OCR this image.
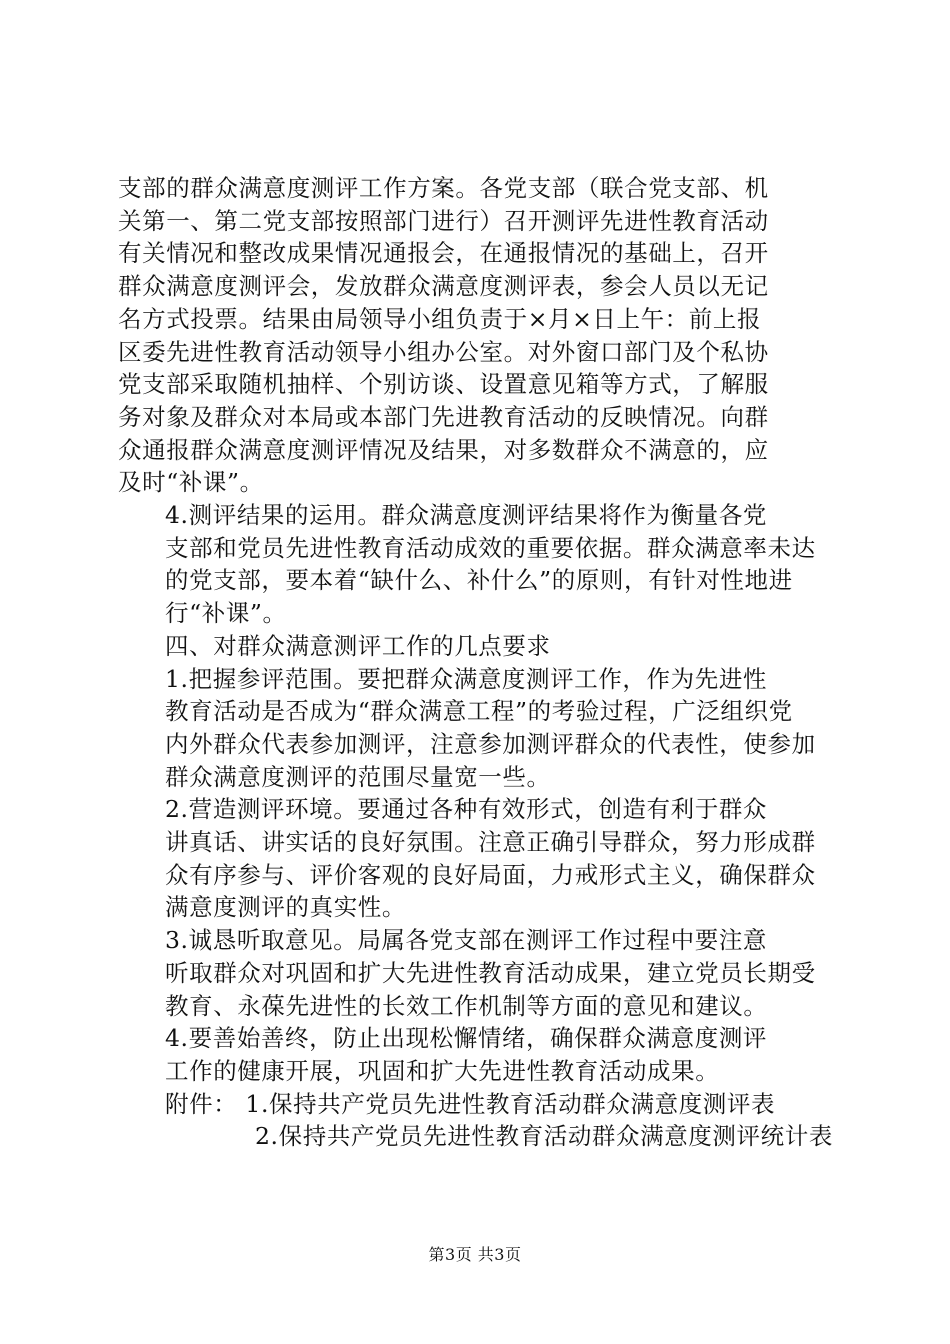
支部的群众满意度测评工作方案。各党支部（联合党支部、机
关第一、第二党支部按照部门进行）召开测评先进性教育活动
有关情况和整改成果情况通报会，在通报情况的基础上，召开
群众满意度测评会，发放群众满意度测评表，参会人员以无记
名方式投票。结果由局领导小组负责于×月×日上午：前上报
区委先进性教育活动领导小组办公室。对外窗口部门及个私协
党支部采取随机抽样、个别访谈、设置意见箱等方式，了解服
务对象及群众对本局或本部门先进教育活动的反映情况。向群
众通报群众满意度测评情况及结果，对多数群众不满意的，应
及时“补课”。

4.测评结果的运用。群众满意度测评结果将作为衡量各党
支部和党员先进性教育活动成效的重要依据。群众满意率未达
的党支部，要本着“缺什么、补什么”的原则，有针对性地进
行“补课”。

四、对群众满意测评工作的几点要求

1.把握参评范围。要把群众满意度测评工作，作为先进性
教育活动是否成为“群众满意工程”的考验过程，广泛组织党
内外群众代表参加测评，注意参加测评群众的代表性，使参加
群众满意度测评的范围尽量宽一些。

2.营造测评环境。要通过各种有效形式，创造有利于群众
讲真话、讲实话的良好氛围。注意正确引导群众，努力形成群
众有序参与、评价客观的良好局面，力戒形式主义，确保群众
满意度测评的真实性。

3.诚恳听取意见。局属各党支部在测评工作过程中要注意
听取群众对巩固和扩大先进性教育活动成果，建立党员长期受
教育、永葆先进性的长效工作机制等方面的意见和建议。

4.要善始善终，防止出现松懈情绪，确保群众满意度测评
工作的健康开展，巩固和扩大先进性教育活动成果。

附件： 1.保持共产党员先进性教育活动群众满意度测评表
2.保持共产党员先进性教育活动群众满意度测评统计表

第3页 共3页
